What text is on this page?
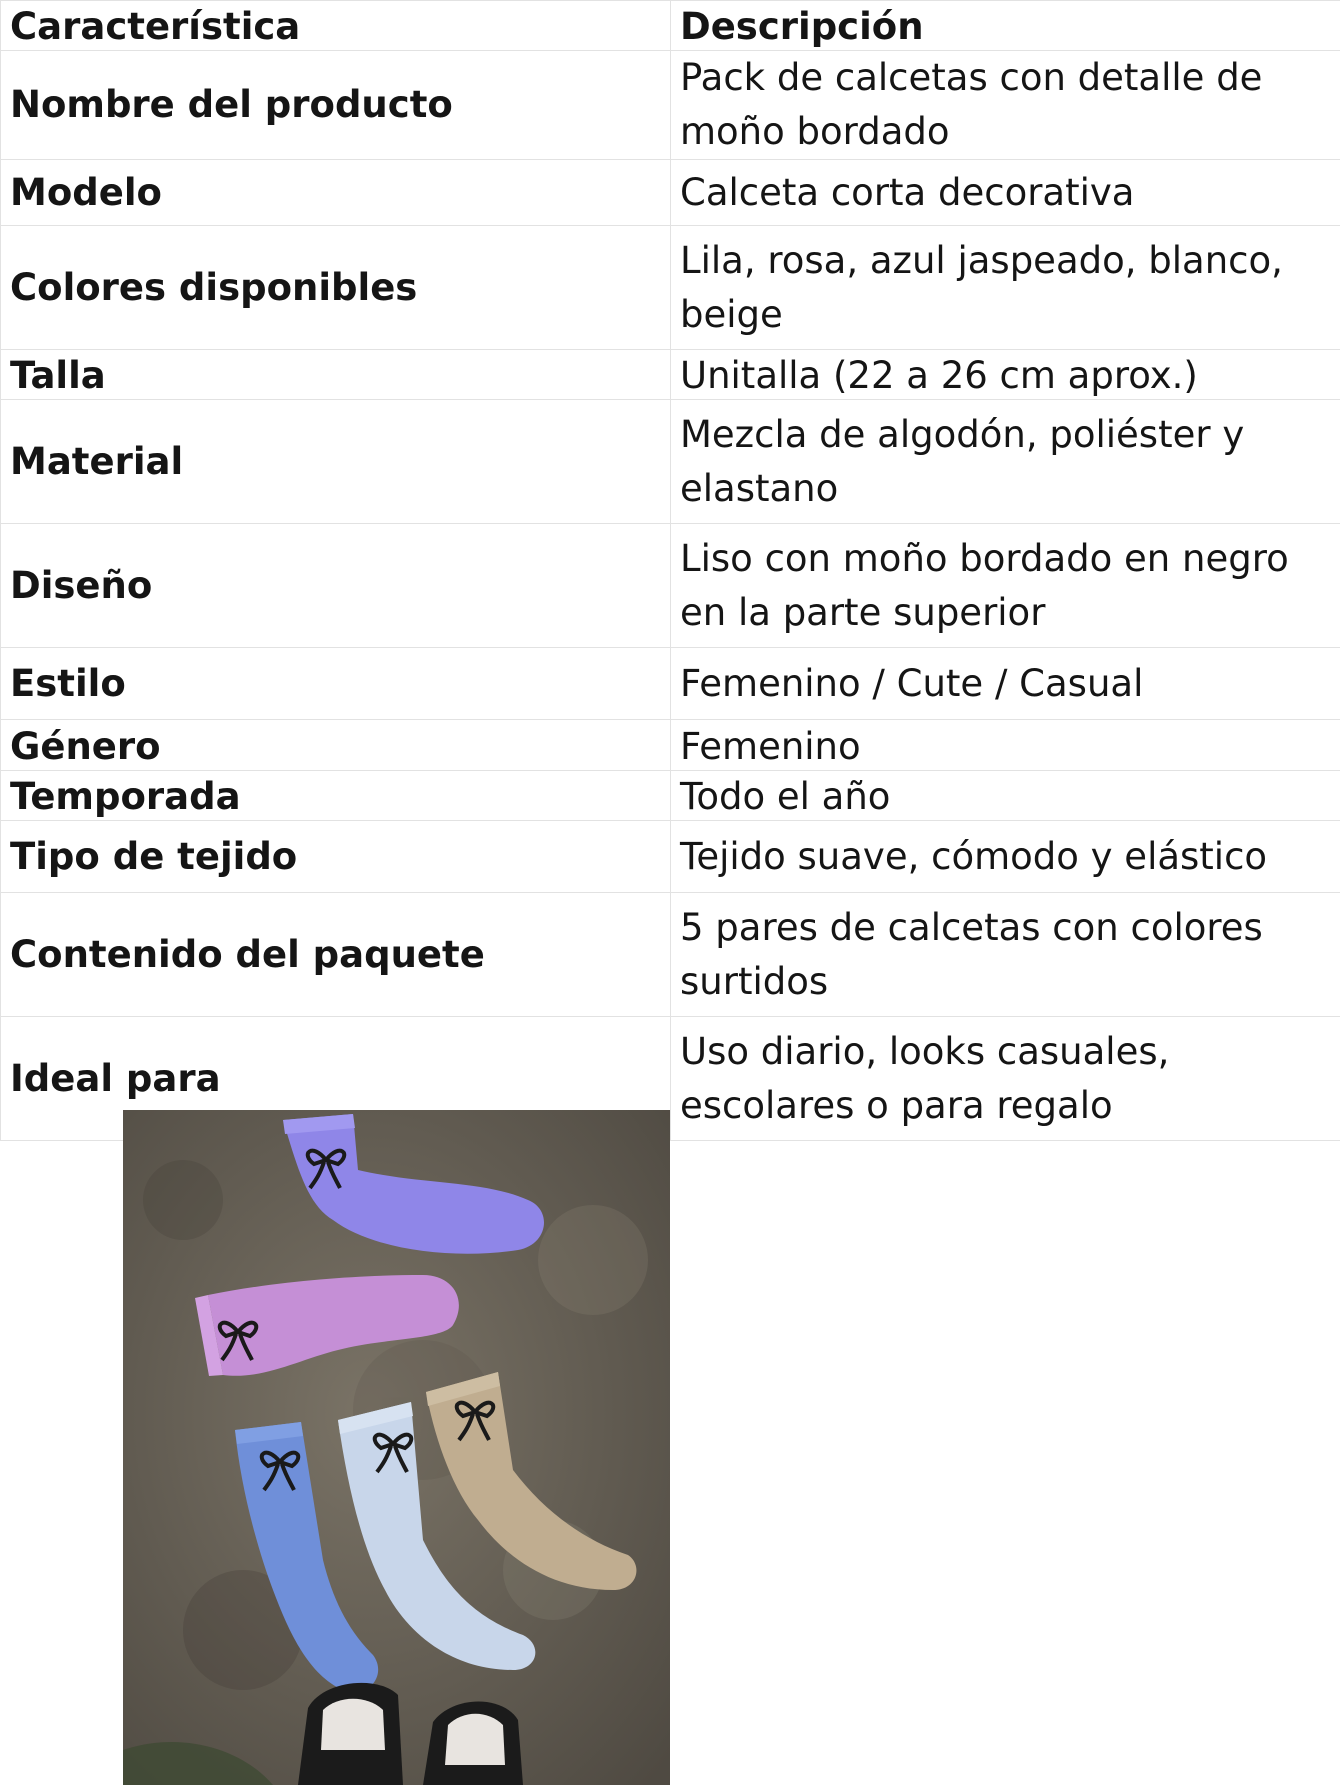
Característica	Descripción
Nombre del producto	Pack de calcetas con detalle de moño bordado
Modelo	Calceta corta decorativa
Colores disponibles	Lila, rosa, azul jaspeado, blanco, beige
Talla	Unitalla (22 a 26 cm aprox.)
Material	Mezcla de algodón, poliéster y elastano
Diseño	Liso con moño bordado en negro en la parte superior
Estilo	Femenino / Cute / Casual
Género	Femenino
Temporada	Todo el año
Tipo de tejido	Tejido suave, cómodo y elástico
Contenido del paquete	5 pares de calcetas con colores surtidos
Ideal para	Uso diario, looks casuales, escolares o para regalo
